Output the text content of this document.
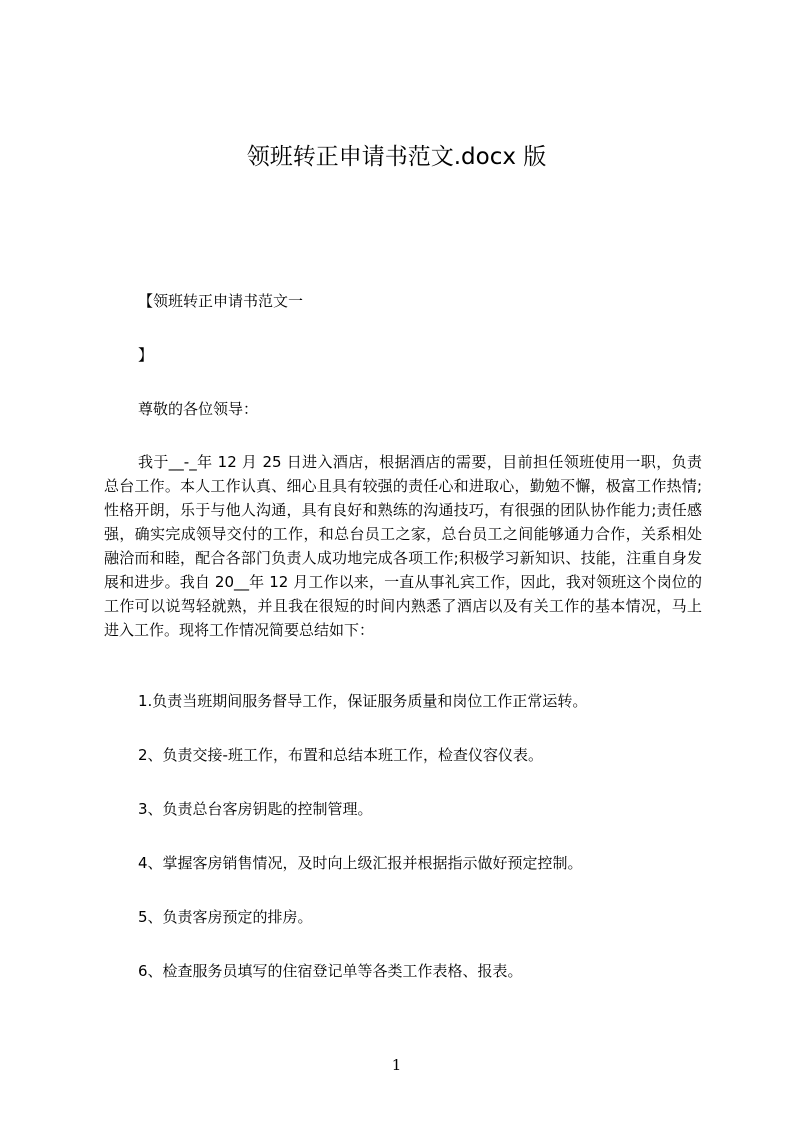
领班转正申请书范文.docx 版

【领班转正申请书范文一

】

尊敬的各位领导：

我于__-_年 12 月 25 日进入酒店，根据酒店的需要，目前担任领班使用一职，负责总台工作。本人工作认真、细心且具有较强的责任心和进取心，勤勉不懈，极富工作热情;性格开朗，乐于与他人沟通，具有良好和熟练的沟通技巧，有很强的团队协作能力;责任感强，确实完成领导交付的工作，和总台员工之家，总台员工之间能够通力合作，关系相处融洽而和睦，配合各部门负责人成功地完成各项工作;积极学习新知识、技能，注重自身发展和进步。我自 20__年 12 月工作以来，一直从事礼宾工作，因此，我对领班这个岗位的工作可以说驾轻就熟，并且我在很短的时间内熟悉了酒店以及有关工作的基本情况，马上进入工作。现将工作情况简要总结如下：

1.负责当班期间服务督导工作，保证服务质量和岗位工作正常运转。

2、负责交接-班工作，布置和总结本班工作，检查仪容仪表。

3、负责总台客房钥匙的控制管理。

4、掌握客房销售情况，及时向上级汇报并根据指示做好预定控制。

5、负责客房预定的排房。

6、检查服务员填写的住宿登记单等各类工作表格、报表。

1
